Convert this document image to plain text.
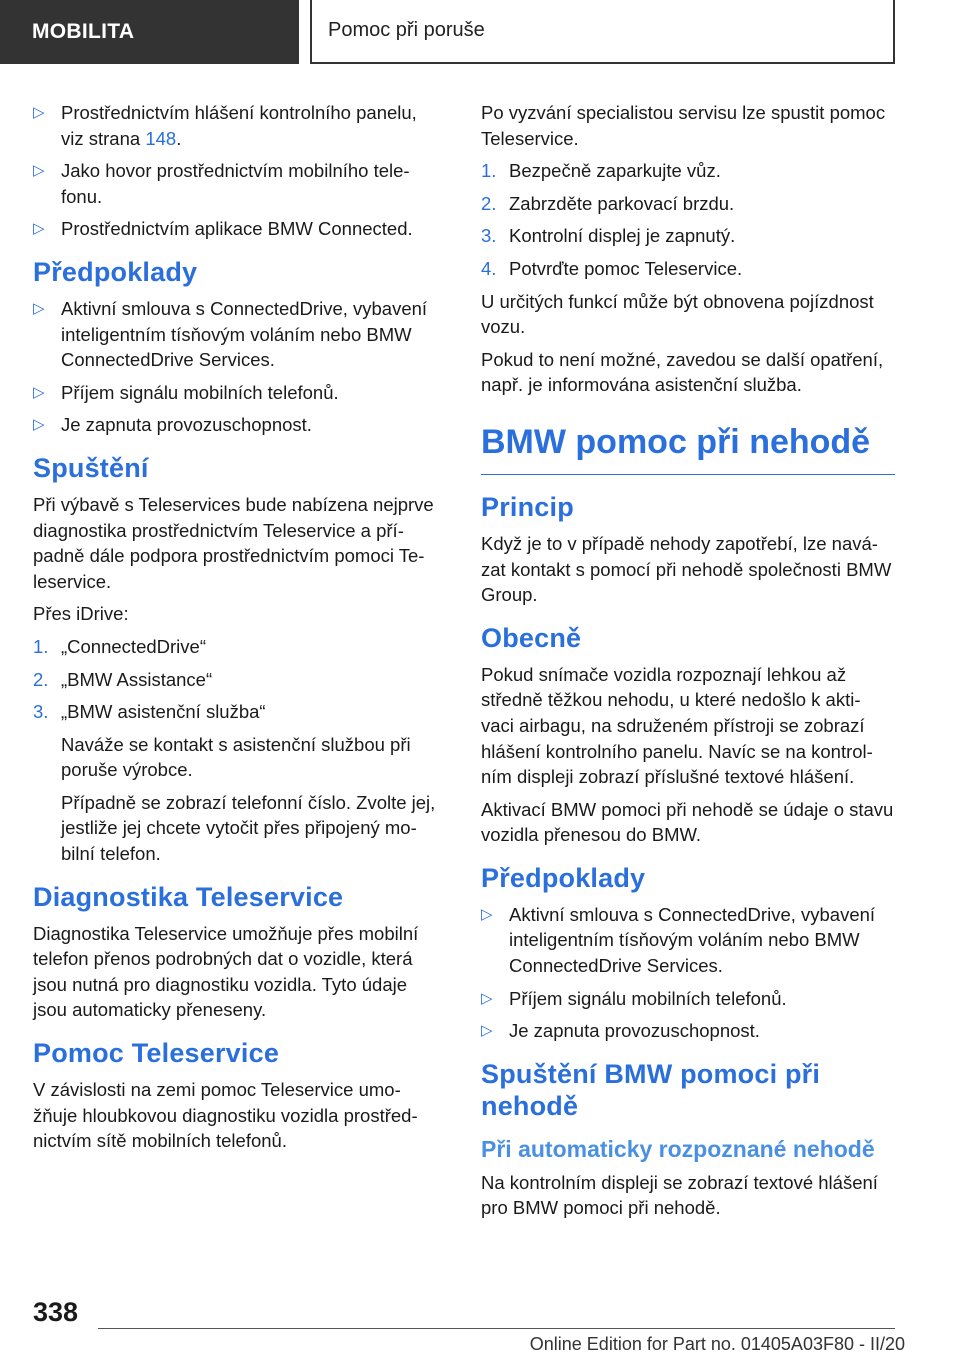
MOBILITA	Pomoc při poruše
▷ Prostřednictvím hlášení kontrolního panelu, viz strana 148.
▷ Jako hovor prostřednictvím mobilního tele‐ fonu.
▷ Prostřednictvím aplikace BMW Connected.
Předpoklady
▷ Aktivní smlouva s ConnectedDrive, vybavení inteligentním tísňovým voláním nebo BMW ConnectedDrive Services.
▷ Příjem signálu mobilních telefonů.
▷ Je zapnuta provozuschopnost.
Spuštění
Při výbavě s Teleservices bude nabízena nejprve diagnostika prostřednictvím Teleservice a pří‐ padně dále podpora prostřednictvím pomoci Te‐ leservice.
Přes iDrive:
1. „ConnectedDrive“
2. „BMW Assistance“
3. „BMW asistenční služba“
Naváže se kontakt s asistenční službou při poruše výrobce.
Případně se zobrazí telefonní číslo. Zvolte jej, jestliže jej chcete vytočit přes připojený mo‐ bilní telefon.
Diagnostika Teleservice
Diagnostika Teleservice umožňuje přes mobilní telefon přenos podrobných dat o vozidle, která jsou nutná pro diagnostiku vozidla. Tyto údaje jsou automaticky přeneseny.
Pomoc Teleservice
V závislosti na zemi pomoc Teleservice umo‐ žňuje hloubkovou diagnostiku vozidla prostřed‐ nictvím sítě mobilních telefonů.
Po vyzvání specialistou servisu lze spustit pomoc Teleservice.
1. Bezpečně zaparkujte vůz.
2. Zabrzděte parkovací brzdu.
3. Kontrolní displej je zapnutý.
4. Potvrďte pomoc Teleservice.
U určitých funkcí může být obnovena pojízdnost vozu.
Pokud to není možné, zavedou se další opatření, např. je informována asistenční služba.
BMW pomoc při nehodě
Princip
Když je to v případě nehody zapotřebí, lze navá‐ zat kontakt s pomocí při nehodě společnosti BMW Group.
Obecně
Pokud snímače vozidla rozpoznají lehkou až středně těžkou nehodu, u které nedošlo k akti‐ vaci airbagu, na sdruženém přístroji se zobrazí hlášení kontrolního panelu. Navíc se na kontrol‐ ním displeji zobrazí příslušné textové hlášení.
Aktivací BMW pomoci při nehodě se údaje o stavu vozidla přenesou do BMW.
Předpoklady
▷ Aktivní smlouva s ConnectedDrive, vybavení inteligentním tísňovým voláním nebo BMW ConnectedDrive Services.
▷ Příjem signálu mobilních telefonů.
▷ Je zapnuta provozuschopnost.
Spuštění BMW pomoci při nehodě
Při automaticky rozpoznané nehodě
Na kontrolním displeji se zobrazí textové hlášení pro BMW pomoci při nehodě.
338
Online Edition for Part no. 01405A03F80 - II/20
